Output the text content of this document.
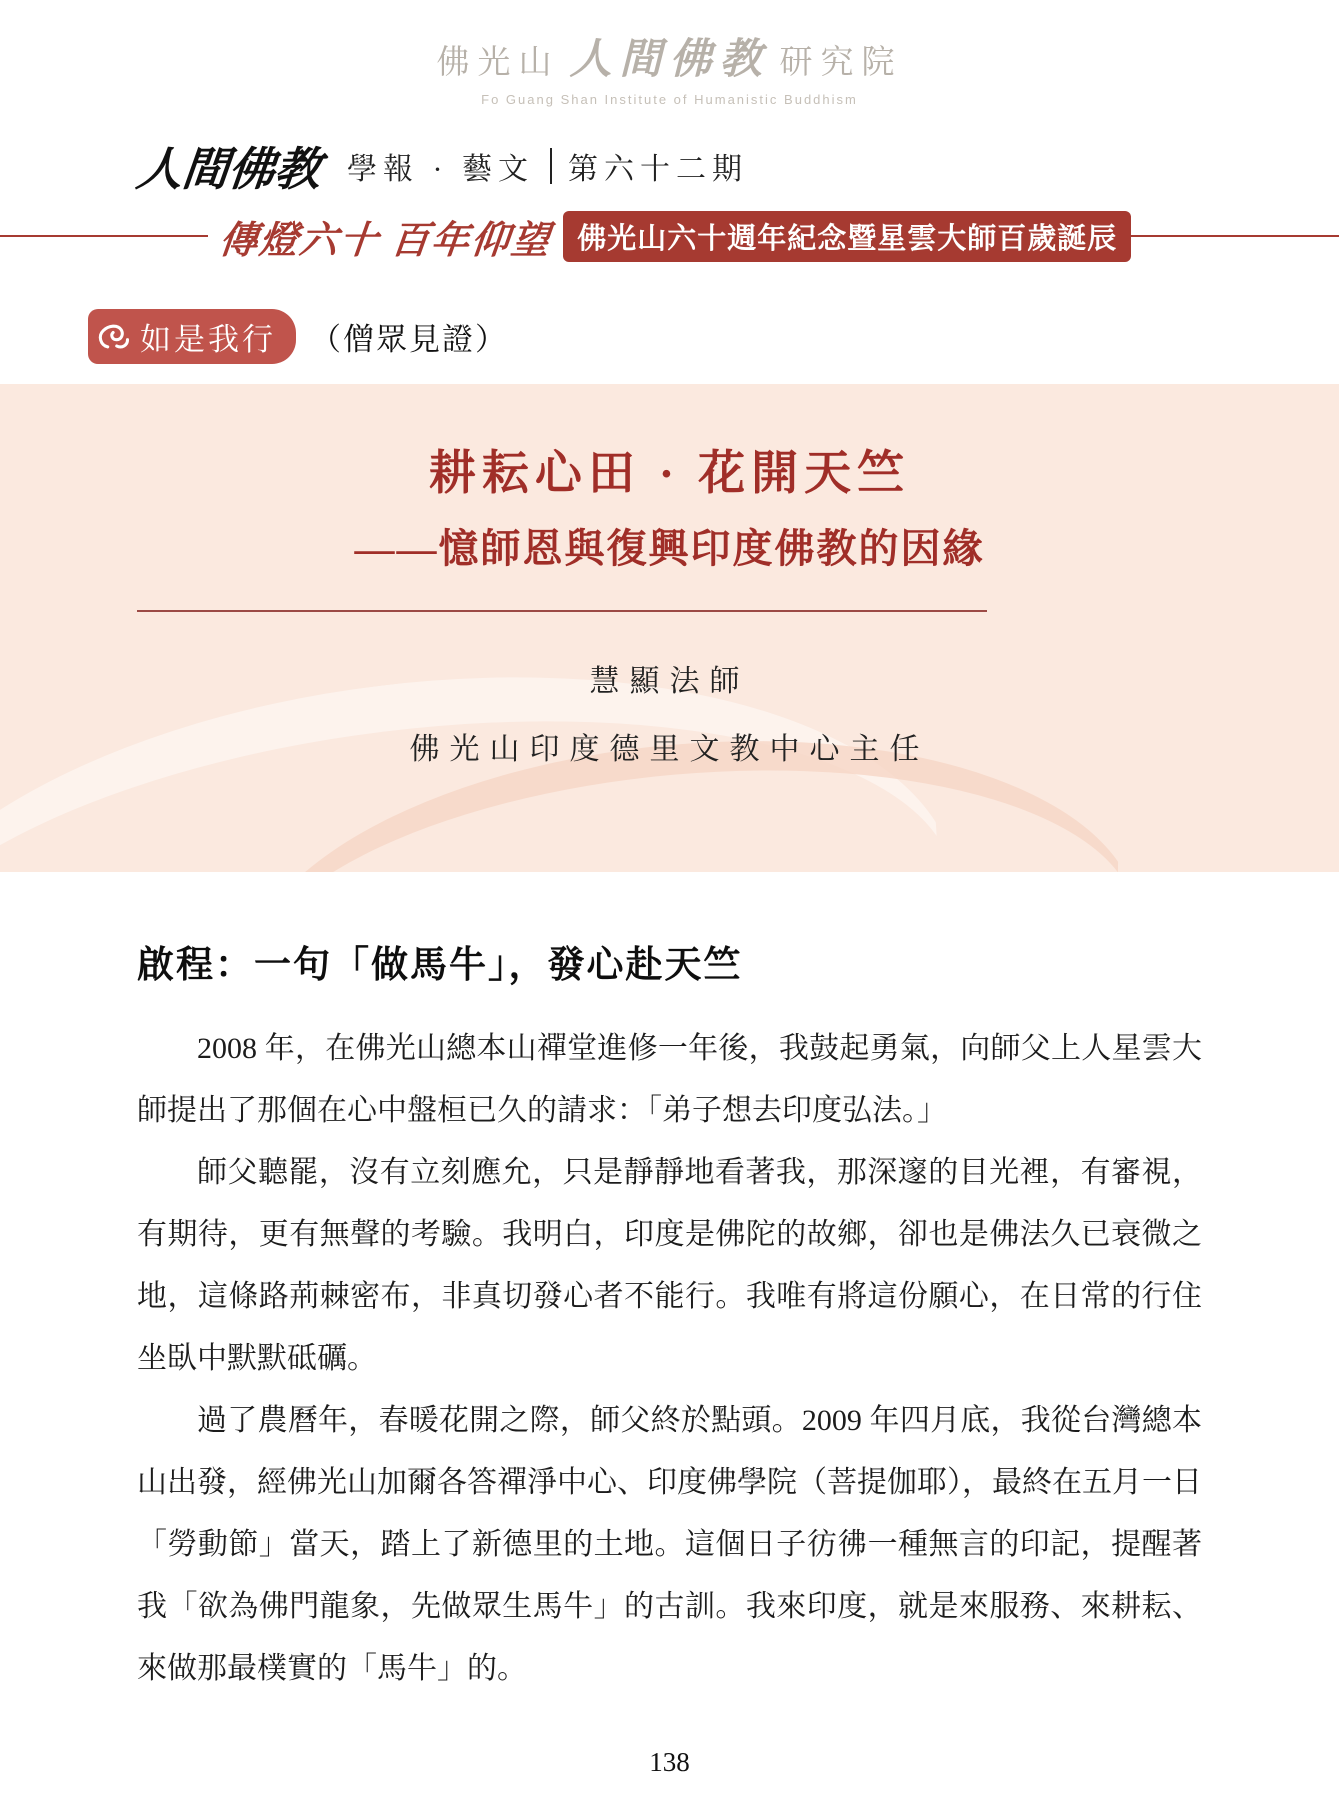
佛光山 人間佛教 研究院
Fo Guang Shan Institute of Humanistic Buddhism
人間佛教 學報 · 藝文 第六十二期
傳燈六十 百年仰望 佛光山六十週年紀念暨星雲大師百歲誕辰
如是我行 （僧眾見證）
耕耘心田 · 花開天竺
——憶師恩與復興印度佛教的因緣
慧顯法師
佛光山印度德里文教中心主任
啟程：一句「做馬牛」，發心赴天竺

2008 年，在佛光山總本山禪堂進修一年後，我鼓起勇氣，向師父上人星雲大師提出了那個在心中盤桓已久的請求：「弟子想去印度弘法。」

師父聽罷，沒有立刻應允，只是靜靜地看著我，那深邃的目光裡，有審視，有期待，更有無聲的考驗。我明白，印度是佛陀的故鄉，卻也是佛法久已衰微之地，這條路荊棘密布，非真切發心者不能行。我唯有將這份願心，在日常的行住坐臥中默默砥礪。

過了農曆年，春暖花開之際，師父終於點頭。2009 年四月底，我從台灣總本山出發，經佛光山加爾各答禪淨中心、印度佛學院（菩提伽耶），最終在五月一日「勞動節」當天，踏上了新德里的土地。這個日子彷彿一種無言的印記，提醒著我「欲為佛門龍象，先做眾生馬牛」的古訓。我來印度，就是來服務、來耕耘、來做那最樸實的「馬牛」的。

138
